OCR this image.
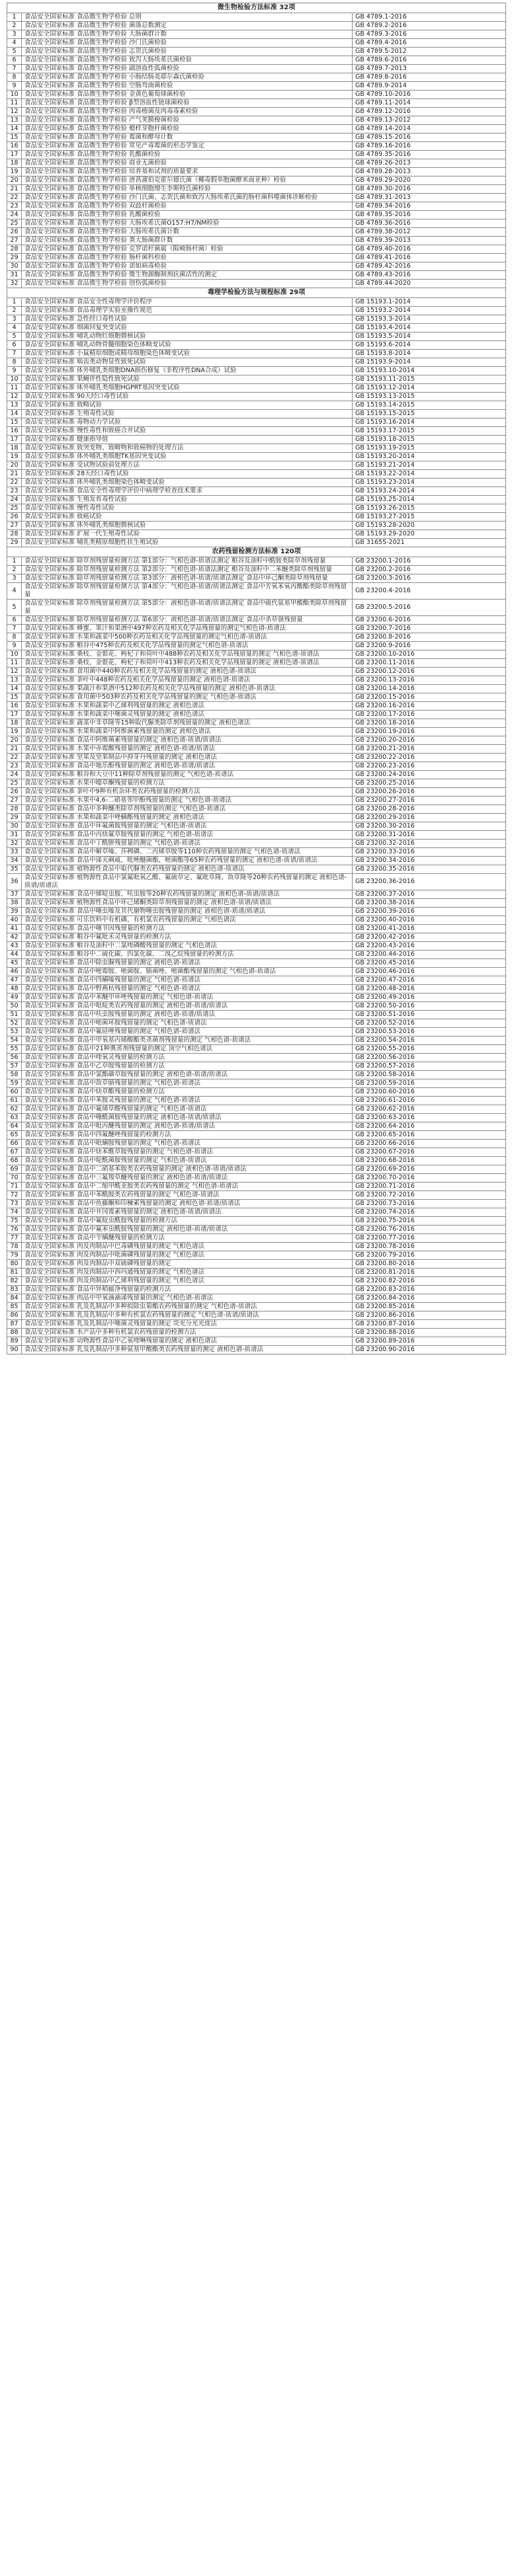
微生物检验方法标准 32项		
1	食品安全国家标准 食品微生物学检验 总则	GB 4789.1-2016
2	食品安全国家标准 食品微生物学检验 菌落总数测定	GB 4789.2-2016
3	食品安全国家标准 食品微生物学检验 大肠菌群计数	GB 4789.3-2016
4	食品安全国家标准 食品微生物学检验 沙门氏菌检验	GB 4789.4-2016
5	食品安全国家标准 食品微生物学检验 志贺氏菌检验	GB 4789.5-2012
6	食品安全国家标准 食品微生物学检验 致泻大肠埃希氏菌检验	GB 4789.6-2016
7	食品安全国家标准 食品微生物学检验 副溶血性弧菌检验	GB 4789.7-2013
8	食品安全国家标准 食品微生物学检验 小肠结肠炎耶尔森氏菌检验	GB 4789.8-2016
9	食品安全国家标准 食品微生物学检验 空肠弯曲菌检验	GB 4789.9-2014
10	食品安全国家标准 食品微生物学检验 金黄色葡萄球菌检验	GB 4789.10-2016
11	食品安全国家标准 食品微生物学检验 β型溶血性链球菌检验	GB 4789.11-2014
12	食品安全国家标准 食品微生物学检验 肉毒梭菌及肉毒毒素检验	GB 4789.12-2016
13	食品安全国家标准 食品微生物学检验 产气荚膜梭菌检验	GB 4789.13-2012
14	食品安全国家标准 食品微生物学检验 蜡样芽胞杆菌检验	GB 4789.14-2014
15	食品安全国家标准 食品微生物学检验 霉菌和酵母计数	GB 4789.15-2016
16	食品安全国家标准 食品微生物学检验 常见产毒霉菌的形态学鉴定	GB 4789.16-2016
17	食品安全国家标准 食品微生物学检验 乳酸菌检验	GB 4789.35-2016
18	食品安全国家标准 食品微生物学检验 商业无菌检验	GB 4789.26-2013
19	食品安全国家标准 食品微生物学检验 培养基和试剂的质量要求	GB 4789.28-2013
20	食品安全国家标准 食品微生物学检验 唐菖蒲伯克霍尔德氏菌（椰毒假单胞菌酵米面亚种）检验	GB 4789.29-2020
21	食品安全国家标准 食品微生物学检验 单核细胞增生李斯特氏菌检验	GB 4789.30-2016
22	食品安全国家标准 食品微生物学检验 沙门氏菌、志贺氏菌和致泻大肠埃希氏菌的肠杆菌科噬菌体诊断检验	GB 4789.31-2013
23	食品安全国家标准 食品微生物学检验 双歧杆菌检验	GB 4789.34-2016
24	食品安全国家标准 食品微生物学检验 乳酸菌检验	GB 4789.35-2016
25	食品安全国家标准 食品微生物学检验 大肠埃希氏菌O157:H7/NM检验	GB 4789.36-2016
26	食品安全国家标准 食品微生物学检验 大肠埃希氏菌计数	GB 4789.38-2012
27	食品安全国家标准 食品微生物学检验 粪大肠菌群计数	GB 4789.39-2013
28	食品安全国家标准 食品微生物学检验 克罗诺杆菌属（阪崎肠杆菌）检验	GB 4789.40-2016
29	食品安全国家标准 食品微生物学检验 肠杆菌科检验	GB 4789.41-2016
30	食品安全国家标准 食品微生物学检验 诺如病毒检验	GB 4789.42-2016
31	食品安全国家标准 食品微生物学检验 微生物源酶制剂抗菌活性的测定	GB 4789.43-2016
32	食品安全国家标准 食品微生物学检验 创伤弧菌检验	GB 4789.44-2020
毒理学检验方法与规程标准 29项		
1	食品安全国家标准 食品安全性毒理学评价程序	GB 15193.1-2014
2	食品安全国家标准 食品毒理学实验室操作规范	GB 15193.2-2014
3	食品安全国家标准 急性经口毒性试验	GB 15193.3-2014
4	食品安全国家标准 细菌回复突变试验	GB 15193.4-2014
5	食品安全国家标准 哺乳动物红细胞微核试验	GB 15193.5-2014
6	食品安全国家标准 哺乳动物骨髓细胞染色体畸变试验	GB 15193.6-2014
7	食品安全国家标准 小鼠精原细胞或精母细胞染色体畸变试验	GB 15193.8-2014
8	食品安全国家标准 啮齿类动物显性致死试验	GB 15193.9-2014
9	食品安全国家标准 体外哺乳类细胞DNA损伤修复（非程序性DNA合成）试验	GB 15193.10-2014
10	食品安全国家标准 果蝇伴性隐性致死试验	GB 15193.11-2015
11	食品安全国家标准 体外哺乳类细胞HGPRT基因突变试验	GB 15193.12-2014
12	食品安全国家标准 90天经口毒性试验	GB 15193.13-2015
13	食品安全国家标准 致畸试验	GB 15193.14-2015
14	食品安全国家标准 生殖毒性试验	GB 15193.15-2015
15	食品安全国家标准 毒物动力学试验	GB 15193.16-2014
16	食品安全国家标准 慢性毒性和致癌合并试验	GB 15193.17-2015
17	食品安全国家标准 健康指导值	GB 15193.18-2015
18	食品安全国家标准 致突变物、致畸物和致癌物的处理方法	GB 15193.19-2015
19	食品安全国家标准 体外哺乳类细胞TK基因突变试验	GB 15193.20-2014
20	食品安全国家标准 受试物试验前处理方法	GB 15193.21-2014
21	食品安全国家标准 28天经口毒性试验	GB 15193.22-2014
22	食品安全国家标准 体外哺乳类细胞染色体畸变试验	GB 15193.23-2014
23	食品安全国家标准 食品安全性毒理学评价中病理学检查技术要求	GB 15193.24-2014
24	食品安全国家标准 生殖发育毒性试验	GB 15193.25-2014
25	食品安全国家标准 慢性毒性试验	GB 15193.26-2015
26	食品安全国家标准 致癌试验	GB 15193.27-2015
27	食品安全国家标准 体外哺乳类细胞微核试验	GB 15193.28-2020
28	食品安全国家标准 扩展一代生殖毒性试验	GB 15193.29-2020
29	食品安全国家标准 哺乳类精原细胞性状生殖试验	GB 31655-2021
农药残留检测方法标准 120项		
1	食品安全国家标准 除草剂残留量检测方法 第1部分：气相色谱-质谱法测定 粮谷及油籽中酰胺类除草剂残留量	GB 23200.1-2016
2	食品安全国家标准 除草剂残留量检测方法 第2部分：气相色谱-质谱法测定 粮谷及油籽中二苯醚类除草剂残留量	GB 23200.2-2016
3	食品安全国家标准 除草剂残留量检测方法 第3部分：液相色谱-质谱/质谱法测定 食品中环己酮类除草剂残留量	GB 23200.3-2016
4	食品安全国家标准 除草剂残留量检测方法 第4部分：气相色谱-质谱/质谱法测定 食品中芳氧苯氧丙酸酯类除草剂残留量	GB 23200.4-2016
5	食品安全国家标准 除草剂残留量检测方法 第5部分：液相色谱-质谱/质谱法测定 食品中硫代氨基甲酸酯类除草剂残留量	GB 23200.5-2016
6	食品安全国家标准 除草剂残留量检测方法 第6部分：液相色谱-质谱/质谱法测定 食品中杀草强残留量	GB 23200.6-2016
7	食品安全国家标准 蜂蜜、果汁和果酒中497种农药及相关化学品残留量的测定气相色谱-质谱法	GB 23200.7-2016
8	食品安全国家标准 水果和蔬菜中500种农药及相关化学品残留量的测定气相色谱-质谱法	GB 23200.8-2016
9	食品安全国家标准 粮谷中475种农药及相关化学品残留量的测定气相色谱-质谱法	GB 23200.9-2016
10	食品安全国家标准 桑枝、金银花、枸杞子和荷叶中488种农药及相关化学品残留量的测定 气相色谱-质谱法	GB 23200.10-2016
11	食品安全国家标准 桑枝、金银花、枸杞子和荷叶中413种农药及相关化学品残留量的测定 液相色谱-质谱法	GB 23200.11-2016
12	食品安全国家标准 食用菌中440种农药及相关化学品残留量的测定 液相色谱-质谱法	GB 23200.12-2016
13	食品安全国家标准 茶叶中448种农药及相关化学品残留量的测定 液相色谱-质谱法	GB 23200.13-2016
14	食品安全国家标准 果蔬汁和果酒中512种农药及相关化学品残留量的测定 液相色谱-质谱法	GB 23200.14-2016
15	食品安全国家标准 食用菌中503种农药及相关化学品残留量的测定 气相色谱-质谱法	GB 23200.15-2016
16	食品安全国家标准 水果和蔬菜中乙烯利残留量的测定 液相色谱法	GB 23200.16-2016
17	食品安全国家标准 水果和蔬菜中噻菌灵残留量的测定 液相色谱法	GB 23200.17-2016
18	食品安全国家标准 蔬菜中非草隆等15种取代脲类除草剂残留量的测定 液相色谱法	GB 23200.18-2016
19	食品安全国家标准 水果和蔬菜中阿维菌素残留量的测定 液相色谱法	GB 23200.19-2016
20	食品安全国家标准 食品中阿维菌素残留量的测定 液相色谱-质谱/质谱法	GB 23200.20-2016
21	食品安全国家标准 水果中赤霉酸残留量的测定 液相色谱-质谱/质谱法	GB 23200.21-2016
22	食品安全国家标准 坚果及坚果制品中抑芽丹残留量的测定 液相色谱法	GB 23200.22-2016
23	食品安全国家标准 食品中地乐酚残留量的测定 液相色谱-质谱/质谱法	GB 23200.23-2016
24	食品安全国家标准 粮谷和大豆中11种除草剂残留量的测定 气相色谱-质谱法	GB 23200.24-2016
25	食品安全国家标准 水果中噁草酮残留量的检测方法	GB 23200.25-2016
26	食品安全国家标准 茶叶中9种有机杂环类农药残留量的检测方法	GB 23200.26-2016
27	食品安全国家标准 水果中4,6-二硝基邻甲酚残留量的测定 气相色谱-质谱法	GB 23200.27-2016
28	食品安全国家标准 食品中多种醚类除草剂残留量的测定 气相色谱-质谱法	GB 23200.28-2016
29	食品安全国家标准 水果和蔬菜中唑螨酯残留量的测定 液相色谱法	GB 23200.29-2016
30	食品安全国家标准 食品中环氟菌胺残留量的测定 气相色谱-质谱法	GB 23200.30-2016
31	食品安全国家标准 食品中丙炔氟草胺残留量的测定 气相色谱-质谱法	GB 23200.31-2016
32	食品安全国家标准 食品中丁酰肼残留量的测定 气相色谱-质谱法	GB 23200.32-2016
33	食品安全国家标准 食品中解草嗪、莎稗磷、二丙烯草胺等110种农药残留量的测定 气相色谱-质谱法	GB 23200.33-2016
34	食品安全国家标准 食品中涕灭砜威、吡唑醚菌酯、嘧菌酯等65种农药残留量的测定 液相色谱-质谱/质谱法	GB 23200.34-2016
35	食品安全国家标准 植物源性食品中取代脲类农药残留量的测定 液相色谱-质谱法	GB 23200.35-2016
36	食品安全国家标准 植物源性食品中氯氟吡氧乙酸、氟硫草定、氟吡草隆、敌草隆等20种农药残留量的测定 液相色谱-质谱/质谱法	GB 23200.36-2016
37	食品安全国家标准 食品中烯啶虫胺、呋虫胺等20种农药残留量的测定 液相色谱-质谱/质谱法	GB 23200.37-2016
38	食品安全国家标准 植物源性食品中环己烯酮类除草剂残留量的测定 液相色谱-质谱/质谱法	GB 23200.38-2016
39	食品安全国家标准 食品中噻虫嗪及其代谢物噻虫胺残留量的测定 液相色谱-质谱/质谱法	GB 23200.39-2016
40	食品安全国家标准 可乐饮料中有机磷、有机氯农药残留量的测定 气相色谱法	GB 23200.40-2016
41	食品安全国家标准 食品中噻节因残留量的检测方法	GB 23200.41-2016
42	食品安全国家标准 粮谷中氟吡禾灵残留量的检测方法	GB 23200.42-2016
43	食品安全国家标准 粮谷及油籽中二氯喹磷酸残留量的测定 气相色谱法	GB 23200.43-2016
44	食品安全国家标准 粮谷中二硫化碳、四氯化碳、二溴乙烷残留量的检测方法	GB 23200.44-2016
45	食品安全国家标准 食品中除虫脲残留量的测定 液相色谱-质谱法	GB 23200.45-2016
46	食品安全国家标准 食品中嘧霉胺、嘧菌胺、腈菌唑、嘧菌酯残留量的测定 气相色谱-质谱法	GB 23200.46-2016
47	食品安全国家标准 食品中四螨嗪残留量的测定 气相色谱-质谱法	GB 23200.47-2016
48	食品安全国家标准 食品中野燕枯残留量的测定 气相色谱-质谱法	GB 23200.48-2016
49	食品安全国家标准 食品中苯醚甲环唑残留量的测定 气相色谱-质谱法	GB 23200.49-2016
50	食品安全国家标准 食品中吡啶类农药残留量的测定 液相色谱-质谱/质谱法	GB 23200.50-2016
51	食品安全国家标准 食品中呋虫胺残留量的测定 液相色谱-质谱/质谱法	GB 23200.51-2016
52	食品安全国家标准 食品中嘧菌环胺残留量的测定 气相色谱-质谱法	GB 23200.52-2016
53	食品安全国家标准 食品中氟硅唑残留量的测定 气相色谱-质谱法	GB 23200.53-2016
54	食品安全国家标准 食品中甲氧基丙烯酸酯类杀菌剂残留量的测定 气相色谱-质谱法	GB 23200.54-2016
55	食品安全国家标准 食品中21种熏蒸剂残留量的测定 顶空气相色谱法	GB 23200.55-2016
56	食品安全国家标准 食品中喹氧灵残留量的检测方法	GB 23200.56-2016
57	食品安全国家标准 食品中乙草胺残留量的检测方法	GB 23200.57-2016
58	食品安全国家标准 食品中氯酯磺草胺残留量的测定 液相色谱-质谱/质谱法	GB 23200.58-2016
59	食品安全国家标准 食品中敌草腈残留量的测定 气相色谱-质谱法	GB 23200.59-2016
60	食品安全国家标准 食品中炔草酯残留量的检测方法	GB 23200.60-2016
61	食品安全国家标准 食品中苯胺灵残留量的测定 气相色谱-质谱法	GB 23200.61-2016
62	食品安全国家标准 食品中氟烯草酸残留量的测定 气相色谱-质谱法	GB 23200.62-2016
63	食品安全国家标准 食品中噻酰菌胺残留量的测定 液相色谱-质谱/质谱法	GB 23200.63-2016
64	食品安全国家标准 食品中吡丙醚残留量的测定 液相色谱-质谱/质谱法	GB 23200.64-2016
65	食品安全国家标准 食品中四氟醚唑残留量的检测方法	GB 23200.65-2016
66	食品安全国家标准 食品中吡螨胺残留量的测定 气相色谱-质谱法	GB 23200.66-2016
67	食品安全国家标准 食品中炔苯酰草胺残留量的测定 气相色谱-质谱法	GB 23200.67-2016
68	食品安全国家标准 食品中啶酰菌胺残留量的测定 气相色谱-质谱法	GB 23200.68-2016
69	食品安全国家标准 食品中二硝基苯胺类农药残留量的测定 液相色谱-质谱/质谱法	GB 23200.69-2016
70	食品安全国家标准 食品中三氟羧草醚残留量的测定 液相色谱-质谱/质谱法	GB 23200.70-2016
71	食品安全国家标准 食品中二缩甲酰亚胺类农药残留量的测定 气相色谱-质谱法	GB 23200.71-2016
72	食品安全国家标准 食品中苯酰胺类农药残留量的测定 气相色谱-质谱法	GB 23200.72-2016
73	食品安全国家标准 食品中鱼藤酮和印楝素残留量的测定 液相色谱-质谱/质谱法	GB 23200.73-2016
74	食品安全国家标准 食品中井冈霉素残留量的测定 液相色谱-质谱/质谱法	GB 23200.74-2016
75	食品安全国家标准 食品中氟啶虫酰胺残留量的检测方法	GB 23200.75-2016
76	食品安全国家标准 食品中氟苯虫酰胺残留量的测定 液相色谱-质谱/质谱法	GB 23200.76-2016
77	食品安全国家标准 食品中苄螨醚残留量的检测方法	GB 23200.77-2016
78	食品安全国家标准 肉及肉制品中巴毒磷残留量的测定 气相色谱法	GB 23200.78-2016
79	食品安全国家标准 肉及肉制品中吡菌磷残留量的测定 气相色谱法	GB 23200.79-2016
80	食品安全国家标准 肉及肉制品中双硫磷残留量的测定	GB 23200.80-2016
81	食品安全国家标准 肉及肉制品中西玛通残留量的测定 气相色谱法	GB 23200.81-2016
82	食品安全国家标准 肉及肉制品中乙烯利残留量的测定 气相色谱法	GB 23200.82-2016
83	食品安全国家标准 食品中异稻瘟净残留量的检测方法	GB 23200.83-2016
84	食品安全国家标准 肉品中甲氧滴滴涕残留量的测定 气相色谱-质谱法	GB 23200.84-2016
85	食品安全国家标准 乳及乳制品中多种拟除虫菊酯农药残留量的测定 气相色谱-质谱法	GB 23200.85-2016
86	食品安全国家标准 乳及乳制品中多种有机氯农药残留量的测定 气相色谱-质谱/质谱法	GB 23200.86-2016
87	食品安全国家标准 乳及乳制品中噻菌灵残留量的测定 荧光分光光度法	GB 23200.87-2016
88	食品安全国家标准 水产品中多种有机氯农药残留量的检测方法	GB 23200.88-2016
89	食品安全国家标准 动物源性食品中乙氧喹啉残留量的测定 液相色谱法	GB 23200.89-2016
90	食品安全国家标准 乳及乳制品中多种氨基甲酸酯类农药残留量的测定 液相色谱-质谱法	GB 23200.90-2016
